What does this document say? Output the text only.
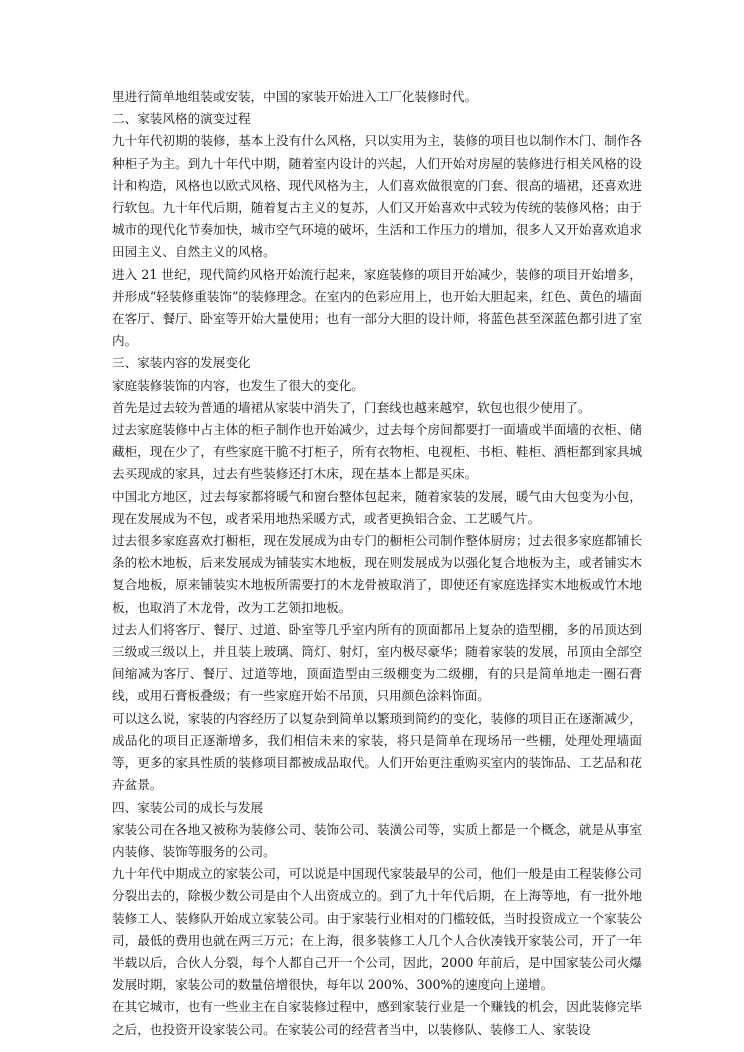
里进行简单地组装或安装，中国的家装开始进入工厂化装修时代。

二、家装风格的演变过程

九十年代初期的装修，基本上没有什么风格，只以实用为主，装修的项目也以制作木门、制作各种柜子为主。到九十年代中期，随着室内设计的兴起，人们开始对房屋的装修进行相关风格的设计和构造，风格也以欧式风格、现代风格为主，人们喜欢做很宽的门套、很高的墙裙，还喜欢进行软包。九十年代后期，随着复古主义的复苏，人们又开始喜欢中式较为传统的装修风格；由于城市的现代化节奏加快，城市空气环境的破坏，生活和工作压力的增加，很多人又开始喜欢追求田园主义、自然主义的风格。

进入 21 世纪，现代简约风格开始流行起来，家庭装修的项目开始减少，装修的项目开始增多，并形成“轻装修重装饰”的装修理念。在室内的色彩应用上，也开始大胆起来，红色、黄色的墙面在客厅、餐厅、卧室等开始大量使用；也有一部分大胆的设计师，将蓝色甚至深蓝色都引进了室内。

三、家装内容的发展变化

家庭装修装饰的内容，也发生了很大的变化。

首先是过去较为普通的墙裙从家装中消失了，门套线也越来越窄，软包也很少使用了。

过去家庭装修中占主体的柜子制作也开始减少，过去每个房间都要打一面墙或半面墙的衣柜、储藏柜，现在少了，有些家庭干脆不打柜子，所有衣物柜、电视柜、书柜、鞋柜、酒柜都到家具城去买现成的家具，过去有些装修还打木床，现在基本上都是买床。

中国北方地区，过去每家都将暖气和窗台整体包起来，随着家装的发展，暖气由大包变为小包，现在发展成为不包，或者采用地热采暖方式，或者更换铝合金、工艺暖气片。

过去很多家庭喜欢打橱柜，现在发展成为由专门的橱柜公司制作整体厨房；过去很多家庭都铺长条的松木地板，后来发展成为铺装实木地板，现在则发展成为以强化复合地板为主，或者铺实木复合地板，原来铺装实木地板所需要打的木龙骨被取消了，即使还有家庭选择实木地板或竹木地板，也取消了木龙骨，改为工艺领扣地板。

过去人们将客厅、餐厅、过道、卧室等几乎室内所有的顶面都吊上复杂的造型棚，多的吊顶达到三级或三级以上，并且装上玻璃、筒灯、射灯，室内极尽豪华；随着家装的发展，吊顶由全部空间缩减为客厅、餐厅、过道等地，顶面造型由三级棚变为二级棚，有的只是简单地走一圈石膏线，或用石膏板叠级；有一些家庭开始不吊顶，只用颜色涂料饰面。

可以这么说，家装的内容经历了以复杂到简单以繁琐到简约的变化，装修的项目正在逐渐减少，成品化的项目正逐渐增多，我们相信未来的家装，将只是简单在现场吊一些棚，处理处理墙面等，更多的家具性质的装修项目都被成品取代。人们开始更注重购买室内的装饰品、工艺品和花卉盆景。

四、家装公司的成长与发展

家装公司在各地又被称为装修公司、装饰公司、装潢公司等，实质上都是一个概念，就是从事室内装修、装饰等服务的公司。

九十年代中期成立的家装公司，可以说是中国现代家装最早的公司，他们一般是由工程装修公司分裂出去的，除极少数公司是由个人出资成立的。到了九十年代后期，在上海等地，有一批外地装修工人、装修队开始成立家装公司。由于家装行业相对的门槛较低，当时投资成立一个家装公司，最低的费用也就在两三万元；在上海，很多装修工人几个人合伙凑钱开家装公司，开了一年半载以后，合伙人分裂，每个人都自己开一个公司，因此，2000 年前后，是中国家装公司火爆发展时期，家装公司的数量倍增很快，每年以 200%、300%的速度向上递增。

在其它城市，也有一些业主在自家装修过程中，感到家装行业是一个赚钱的机会，因此装修完毕之后，也投资开设家装公司。在家装公司的经营者当中，以装修队、装修工人、家装设
